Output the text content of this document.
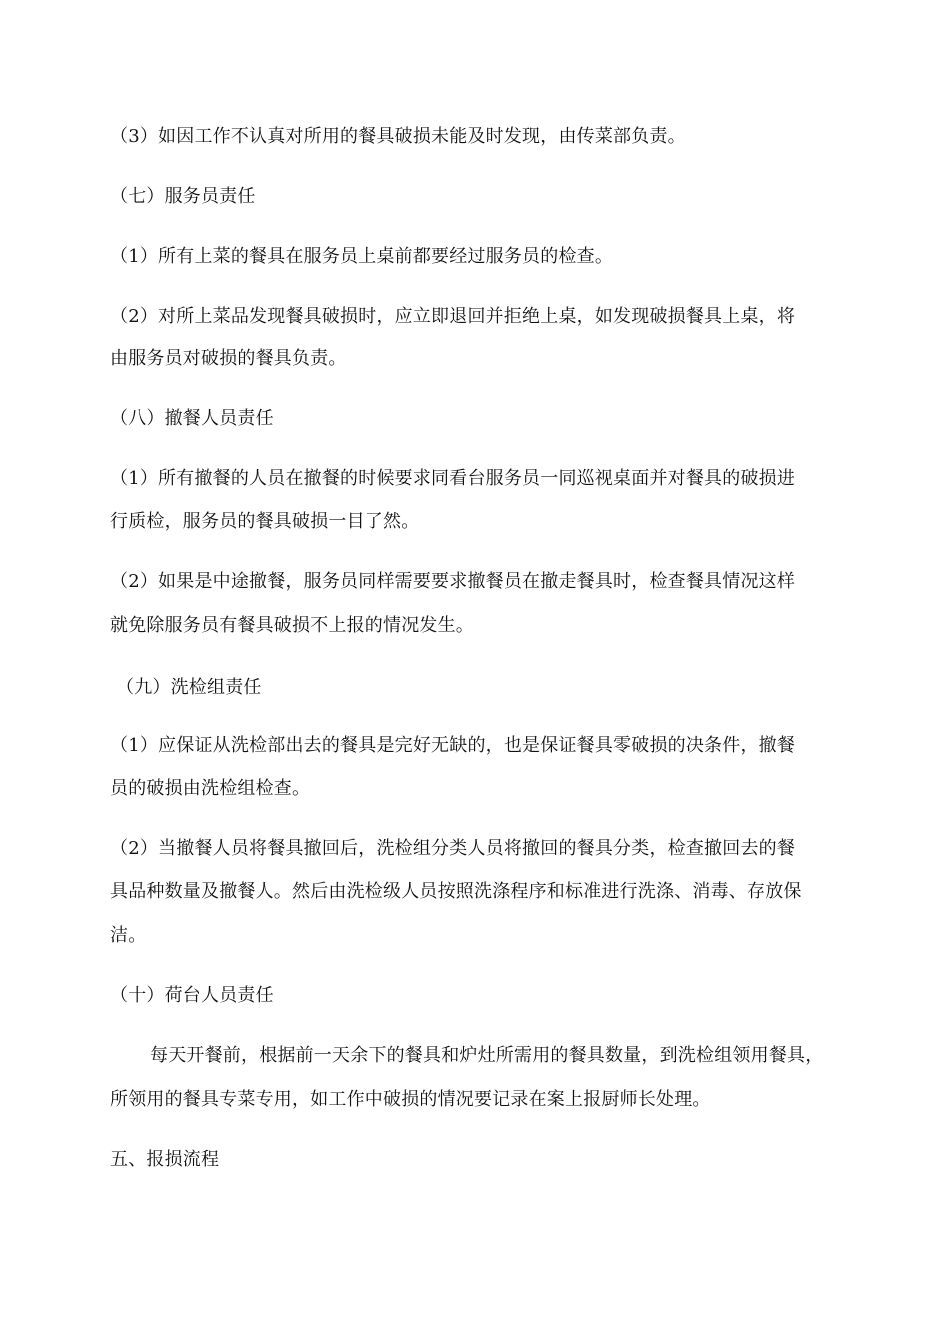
（3）如因工作不认真对所用的餐具破损未能及时发现，由传菜部负责。
（七）服务员责任
（1）所有上菜的餐具在服务员上桌前都要经过服务员的检查。
（2）对所上菜品发现餐具破损时，应立即退回并拒绝上桌，如发现破损餐具上桌，将
由服务员对破损的餐具负责。
（八）撤餐人员责任
（1）所有撤餐的人员在撤餐的时候要求同看台服务员一同巡视桌面并对餐具的破损进
行质检，服务员的餐具破损一目了然。
（2）如果是中途撤餐，服务员同样需要要求撤餐员在撤走餐具时，检查餐具情况这样
就免除服务员有餐具破损不上报的情况发生。
（九）洗检组责任
（1）应保证从洗检部出去的餐具是完好无缺的，也是保证餐具零破损的决条件，撤餐
员的破损由洗检组检查。
（2）当撤餐人员将餐具撤回后，洗检组分类人员将撤回的餐具分类，检查撤回去的餐
具品种数量及撤餐人。然后由洗检级人员按照洗涤程序和标准进行洗涤、消毒、存放保
洁。
（十）荷台人员责任
每天开餐前，根据前一天余下的餐具和炉灶所需用的餐具数量，到洗检组领用餐具，
所领用的餐具专菜专用，如工作中破损的情况要记录在案上报厨师长处理。
五、报损流程
